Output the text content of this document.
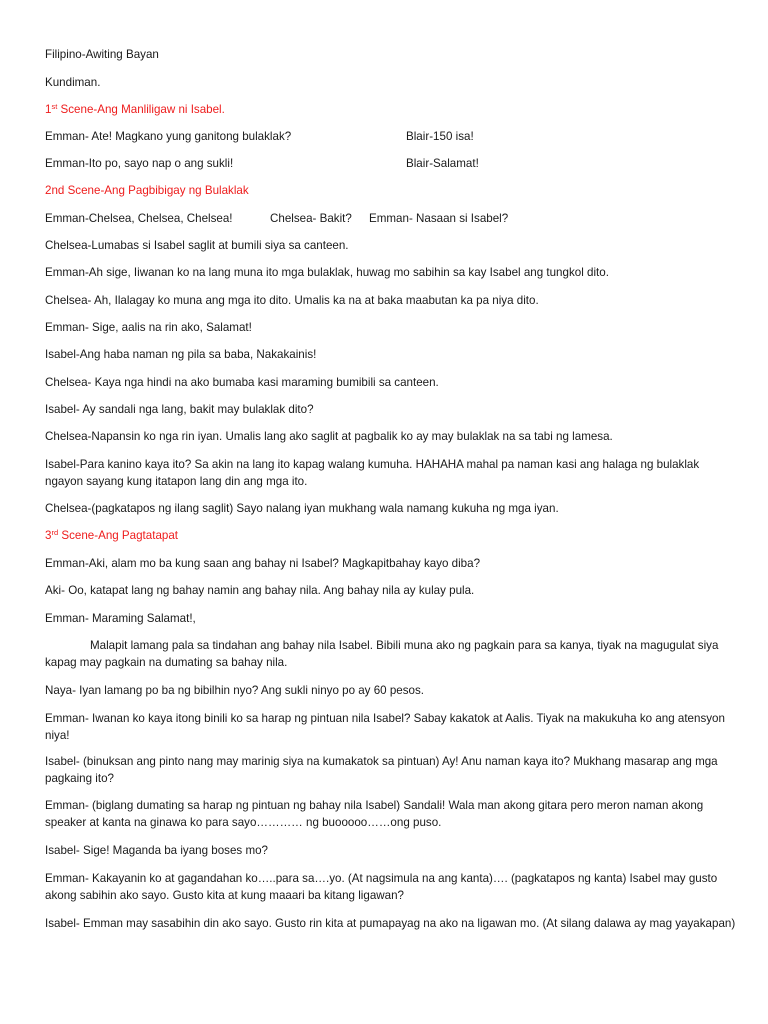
Filipino-Awiting Bayan
Kundiman.
1st Scene-Ang Manliligaw ni Isabel.
Emman- Ate! Magkano yung ganitong bulaklak?	Blair-150 isa!
Emman-Ito po, sayo nap o ang sukli!	Blair-Salamat!
2nd Scene-Ang Pagbibigay ng Bulaklak
Emman-Chelsea, Chelsea, Chelsea!	Chelsea- Bakit? Emman- Nasaan si Isabel?
Chelsea-Lumabas si Isabel saglit at bumili siya sa canteen.
Emman-Ah sige, Iiwanan ko na lang muna ito mga bulaklak, huwag mo sabihin sa kay Isabel ang tungkol dito.
Chelsea- Ah, Ilalagay ko muna ang mga ito dito. Umalis ka na at baka maabutan ka pa niya dito.
Emman- Sige, aalis na rin ako, Salamat!
Isabel-Ang haba naman ng pila sa baba, Nakakainis!
Chelsea- Kaya nga hindi na ako bumaba kasi maraming bumibili sa canteen.
Isabel- Ay sandali nga lang, bakit may bulaklak dito?
Chelsea-Napansin ko nga rin iyan. Umalis lang ako saglit at pagbalik ko ay may bulaklak na sa tabi ng lamesa.
Isabel-Para kanino kaya ito? Sa akin na lang ito kapag walang kumuha. HAHAHA mahal pa naman kasi ang halaga ng bulaklak ngayon sayang kung itatapon lang din ang mga ito.
Chelsea-(pagkatapos ng ilang saglit) Sayo nalang iyan mukhang wala namang kukuha ng mga iyan.
3rd Scene-Ang Pagtatapat
Emman-Aki, alam mo ba kung saan ang bahay ni Isabel? Magkapitbahay kayo diba?
Aki- Oo, katapat lang ng bahay namin ang bahay nila. Ang bahay nila ay kulay pula.
Emman- Maraming Salamat!,
Malapit lamang pala sa tindahan ang bahay nila Isabel. Bibili muna ako ng pagkain para sa kanya, tiyak na magugulat siya kapag may pagkain na dumating sa bahay nila.
Naya- Iyan lamang po ba ng bibilhin nyo? Ang sukli ninyo po ay 60 pesos.
Emman- Iwanan ko kaya itong binili ko sa harap ng pintuan nila Isabel? Sabay kakatok at Aalis. Tiyak na makukuha ko ang atensyon niya!
Isabel- (binuksan ang pinto nang may marinig siya na kumakatok sa pintuan) Ay! Anu naman kaya ito? Mukhang masarap ang mga pagkaing ito?
Emman- (biglang dumating sa harap ng pintuan ng bahay nila Isabel) Sandali! Wala man akong gitara pero meron naman akong speaker at kanta na ginawa ko para sayo………… ng buooooo……ong puso.
Isabel- Sige! Maganda ba iyang boses mo?
Emman- Kakayanin ko at gagandahan ko…..para sa….yo. (At nagsimula na ang kanta)…. (pagkatapos ng kanta) Isabel may gusto akong sabihin ako sayo. Gusto kita at kung maaari ba kitang ligawan?
Isabel- Emman may sasabihin din ako sayo. Gusto rin kita at pumapayag na ako na ligawan mo. (At silang dalawa ay mag yayakapan)
